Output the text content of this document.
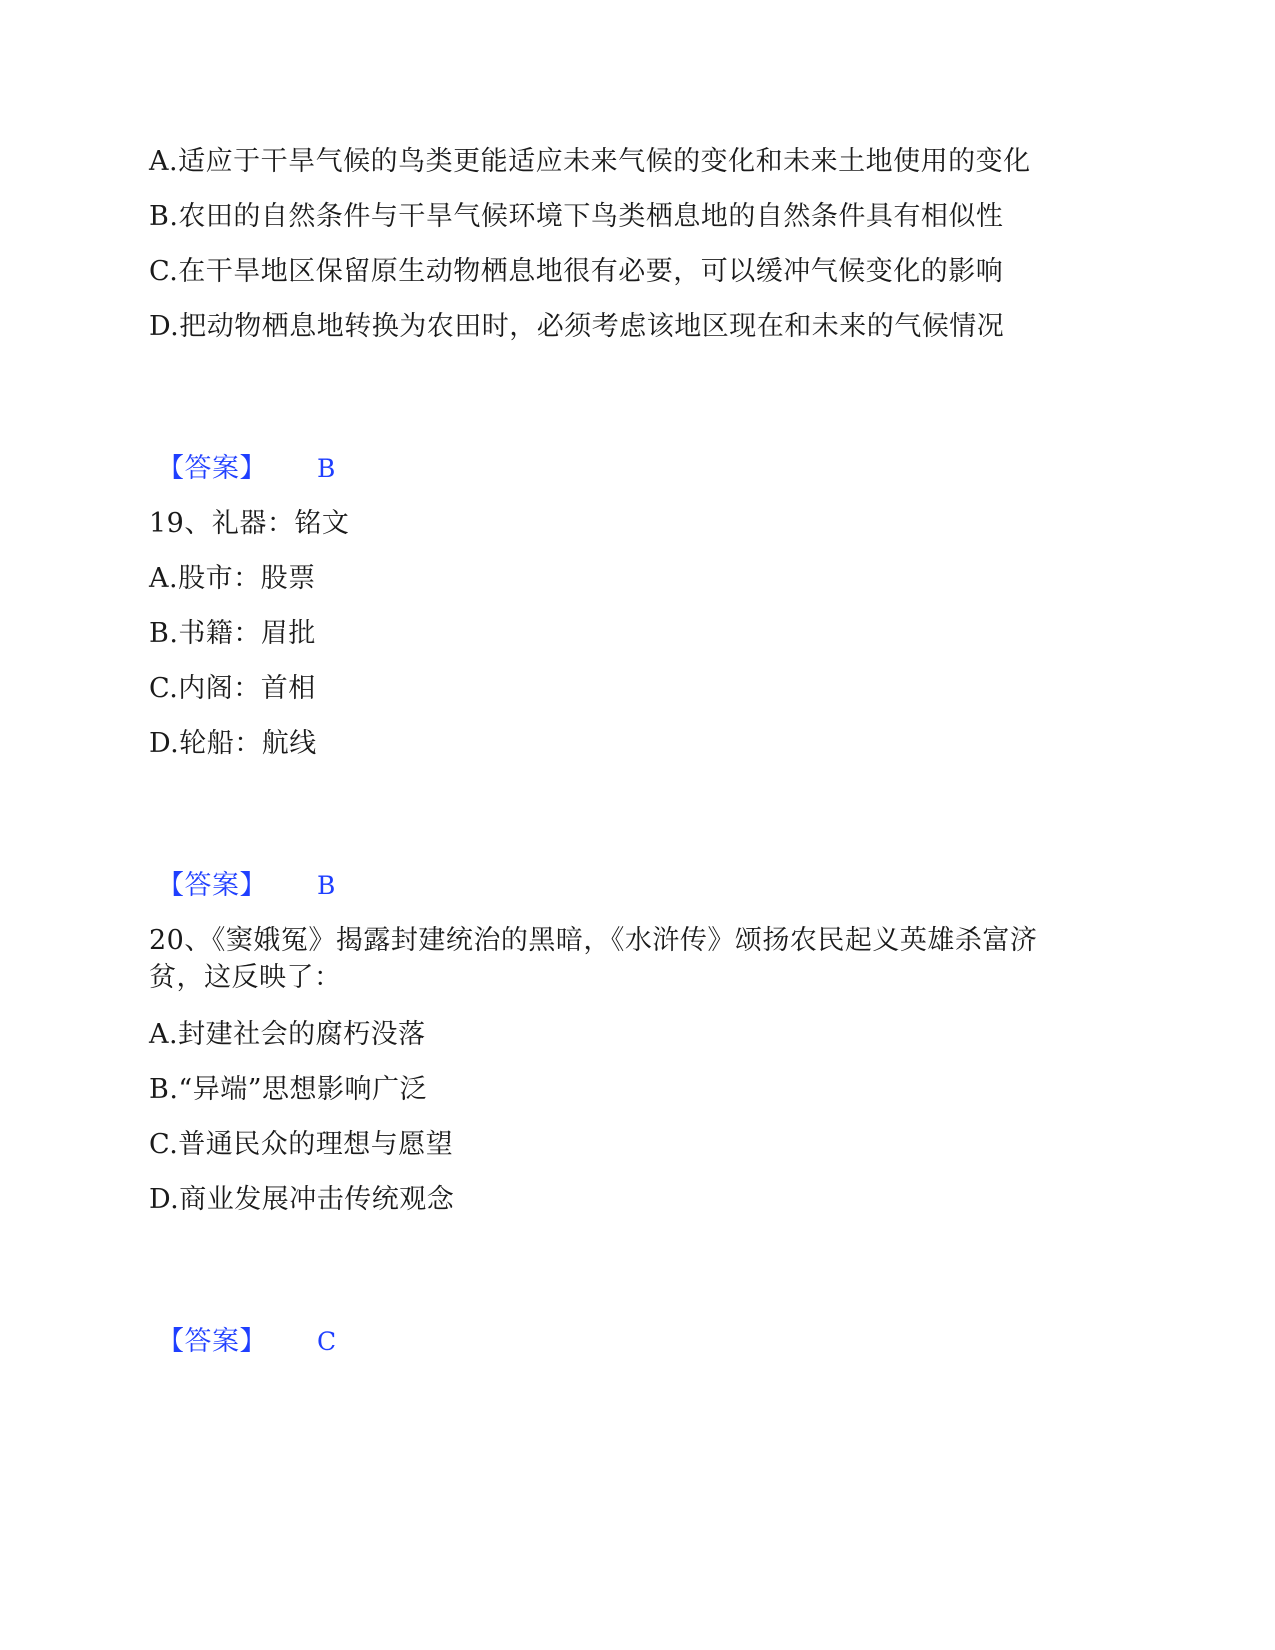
A.适应于干旱气候的鸟类更能适应未来气候的变化和未来土地使用的变化
B.农田的自然条件与干旱气候环境下鸟类栖息地的自然条件具有相似性
C.在干旱地区保留原生动物栖息地很有必要，可以缓冲气候变化的影响
D.把动物栖息地转换为农田时，必须考虑该地区现在和未来的气候情况
【答案】 B
19、礼器：铭文
A.股市：股票
B.书籍：眉批
C.内阁：首相
D.轮船：航线
【答案】 B
20、《窦娥冤》揭露封建统治的黑暗，《水浒传》颂扬农民起义英雄杀富济
贫，这反映了：
A.封建社会的腐朽没落
B.“异端”思想影响广泛
C.普通民众的理想与愿望
D.商业发展冲击传统观念
【答案】 C
